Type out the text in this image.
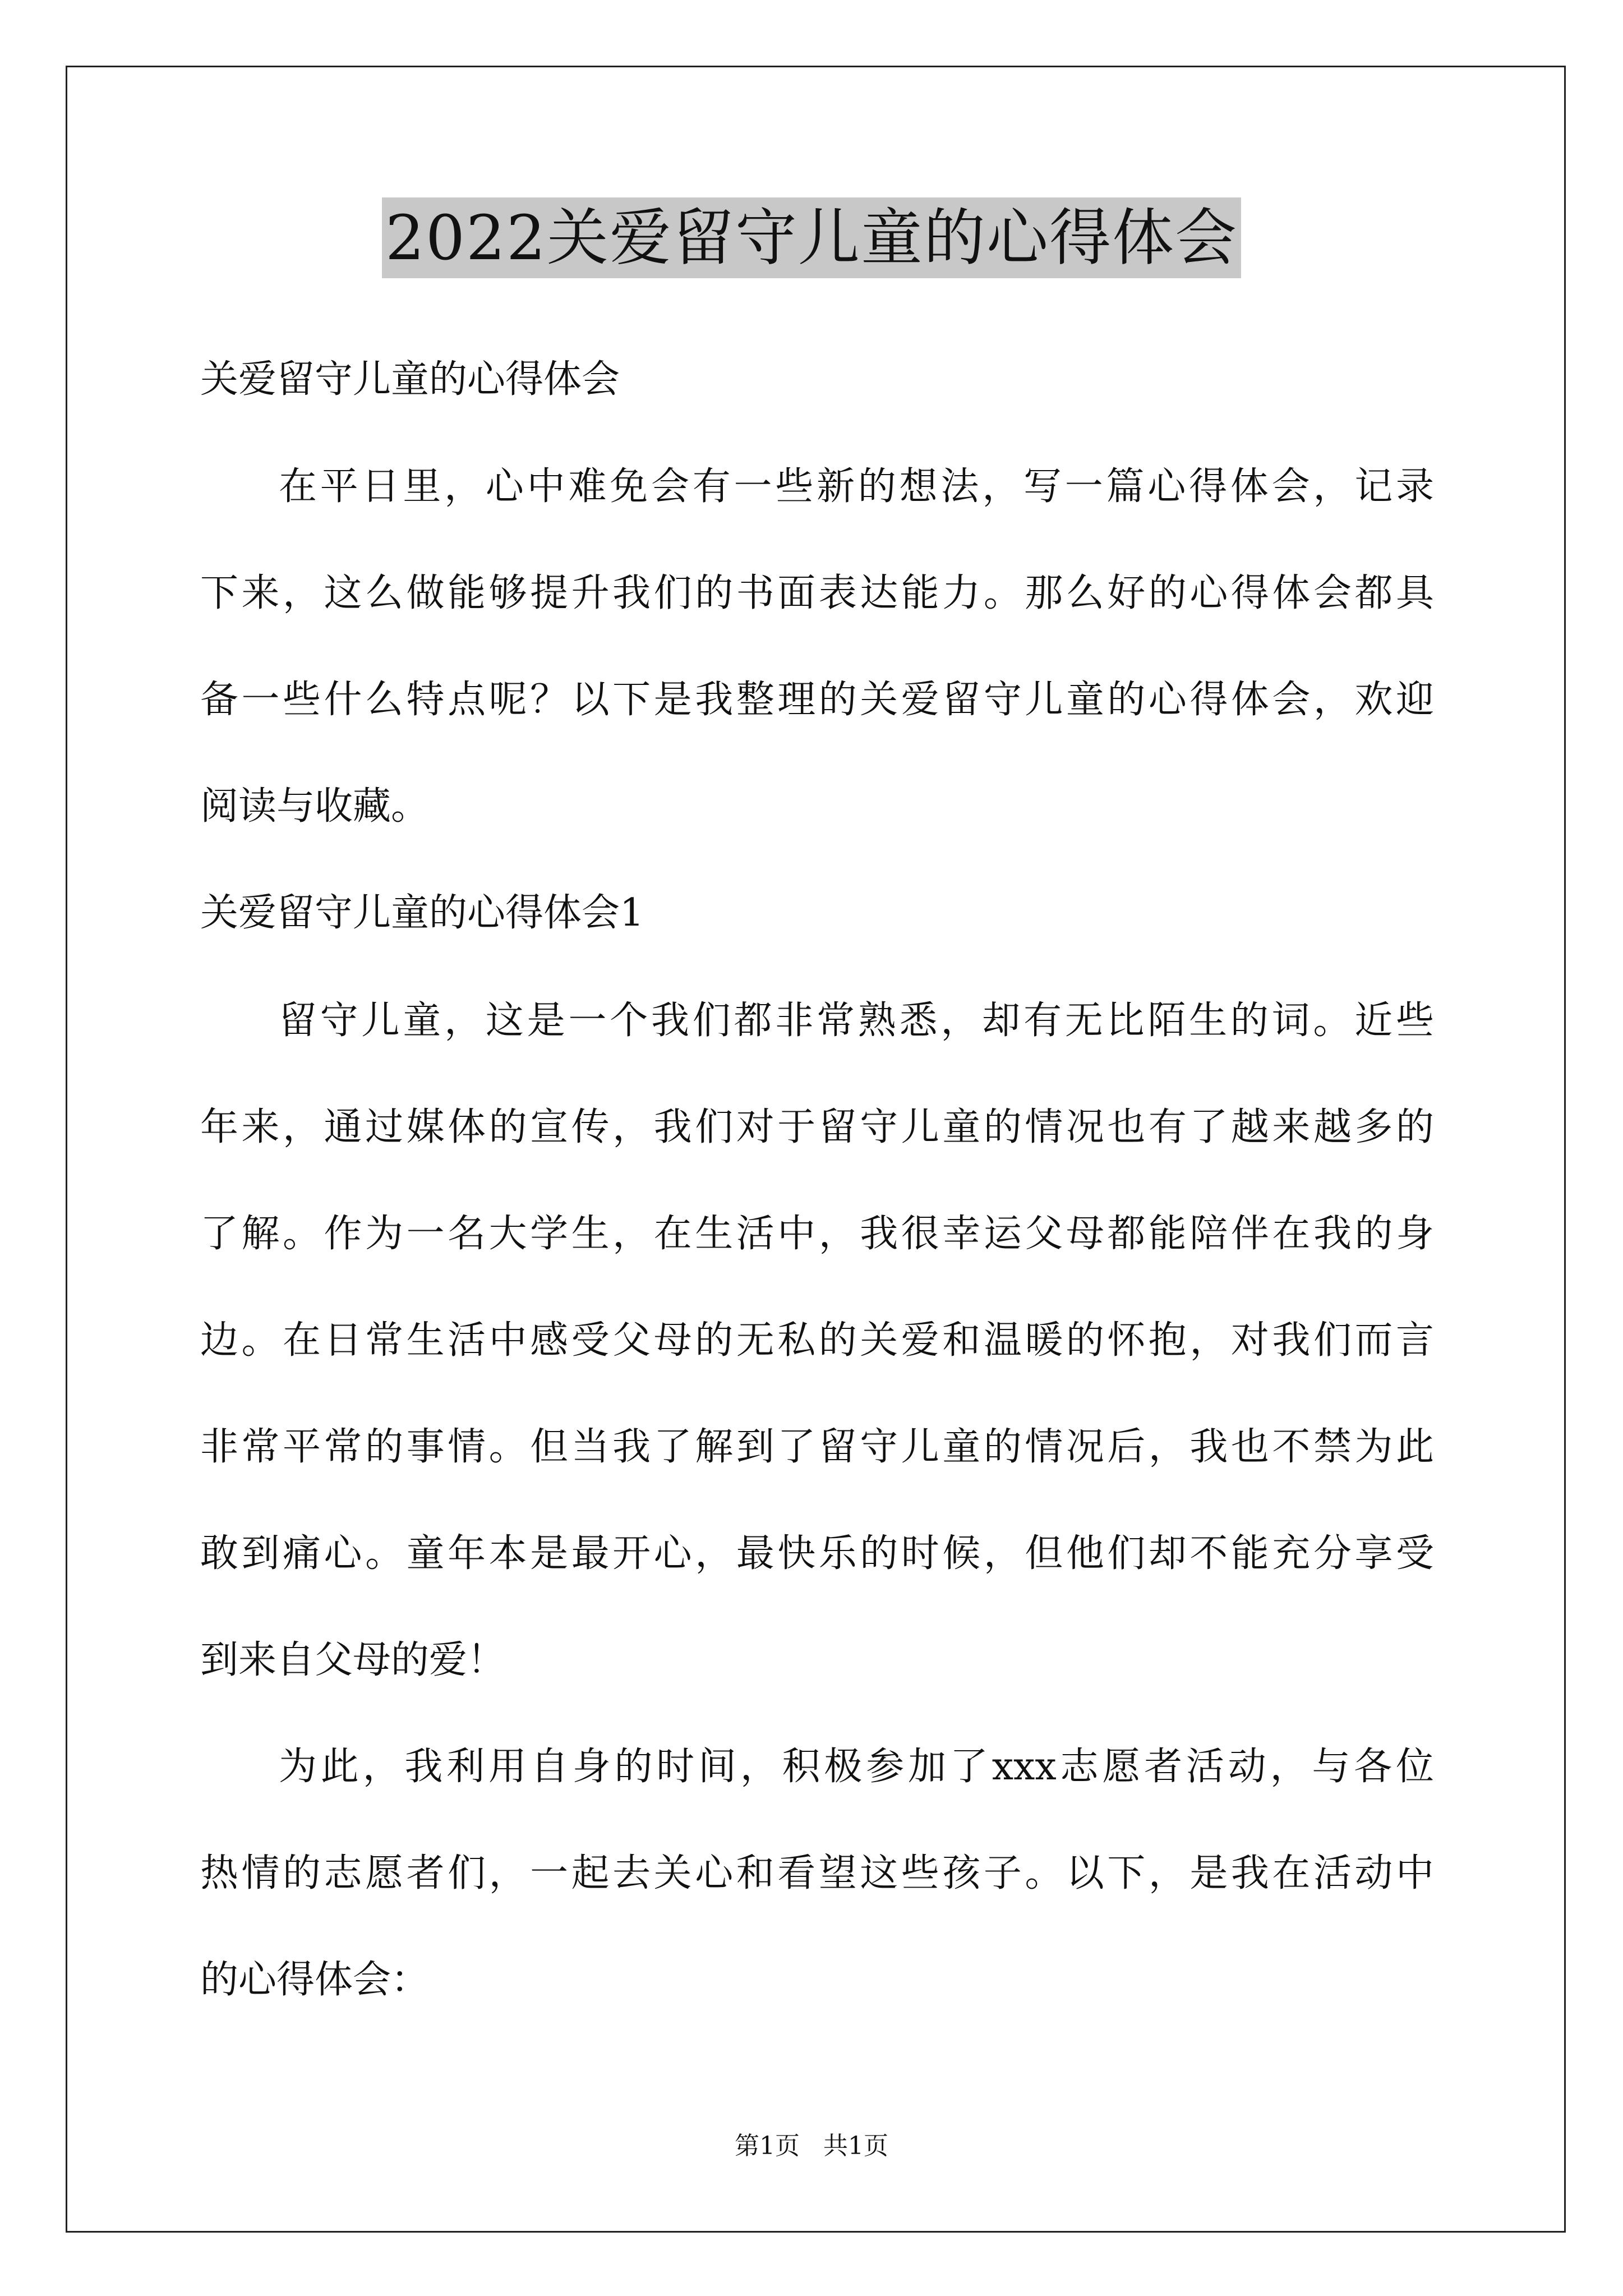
2022关爱留守儿童的心得体会
关爱留守儿童的心得体会
在平日里，心中难免会有一些新的想法，写一篇心得体会，记录
下来，这么做能够提升我们的书面表达能力。那么好的心得体会都具
备一些什么特点呢？以下是我整理的关爱留守儿童的心得体会，欢迎
阅读与收藏。
关爱留守儿童的心得体会1
留守儿童，这是一个我们都非常熟悉，却有无比陌生的词。近些
年来，通过媒体的宣传，我们对于留守儿童的情况也有了越来越多的
了解。作为一名大学生，在生活中，我很幸运父母都能陪伴在我的身
边。在日常生活中感受父母的无私的关爱和温暖的怀抱，对我们而言
非常平常的事情。但当我了解到了留守儿童的情况后，我也不禁为此
敢到痛心。童年本是最开心，最快乐的时候，但他们却不能充分享受
到来自父母的爱！
为此，我利用自身的时间，积极参加了xxx志愿者活动，与各位
热情的志愿者们，一起去关心和看望这些孩子。以下，是我在活动中
的心得体会：
第1页   共1页
